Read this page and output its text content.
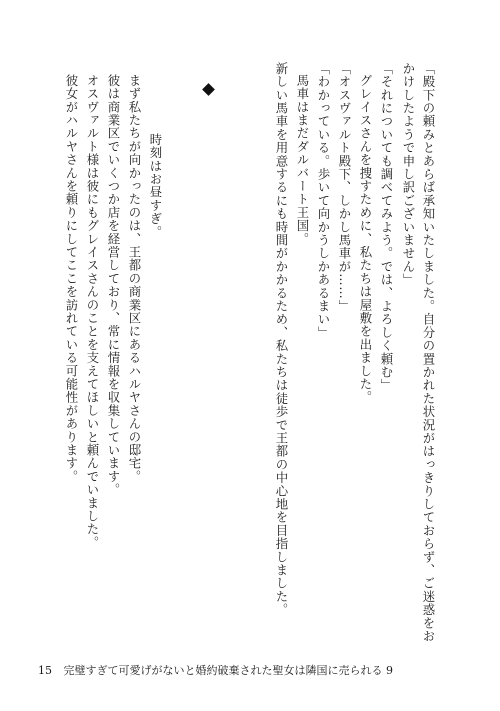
「殿下の頼みとあらば承知いたしました。自分の置かれた状況がはっきりしておらず、ご迷惑をお
かけしたようで申し訳ございません」
「それについても調べてみよう。では、よろしく頼む」
グレイスさんを捜すために、私たちは屋敷を出ました。
「オスヴァルト殿下、しかし馬車が……」
「わかっている。歩いて向かうしかあるまい」
馬車はまだダルバート王国。
新しい馬車を用意するにも時間がかかるため、私たちは徒歩で王都の中心地を目指しました。
時刻はお昼すぎ。
まず私たちが向かったのは、王都の商業区にあるハルヤさんの邸宅。
彼は商業区でいくつか店を経営しており、常に情報を収集しています。
オスヴァルト様は彼にもグレイスさんのことを支えてほしいと頼んでいました。
彼女がハルヤさんを頼りにしてここを訪れている可能性があります。
15 完璧すぎて可愛げがないと婚約破棄された聖女は隣国に売られる 9
